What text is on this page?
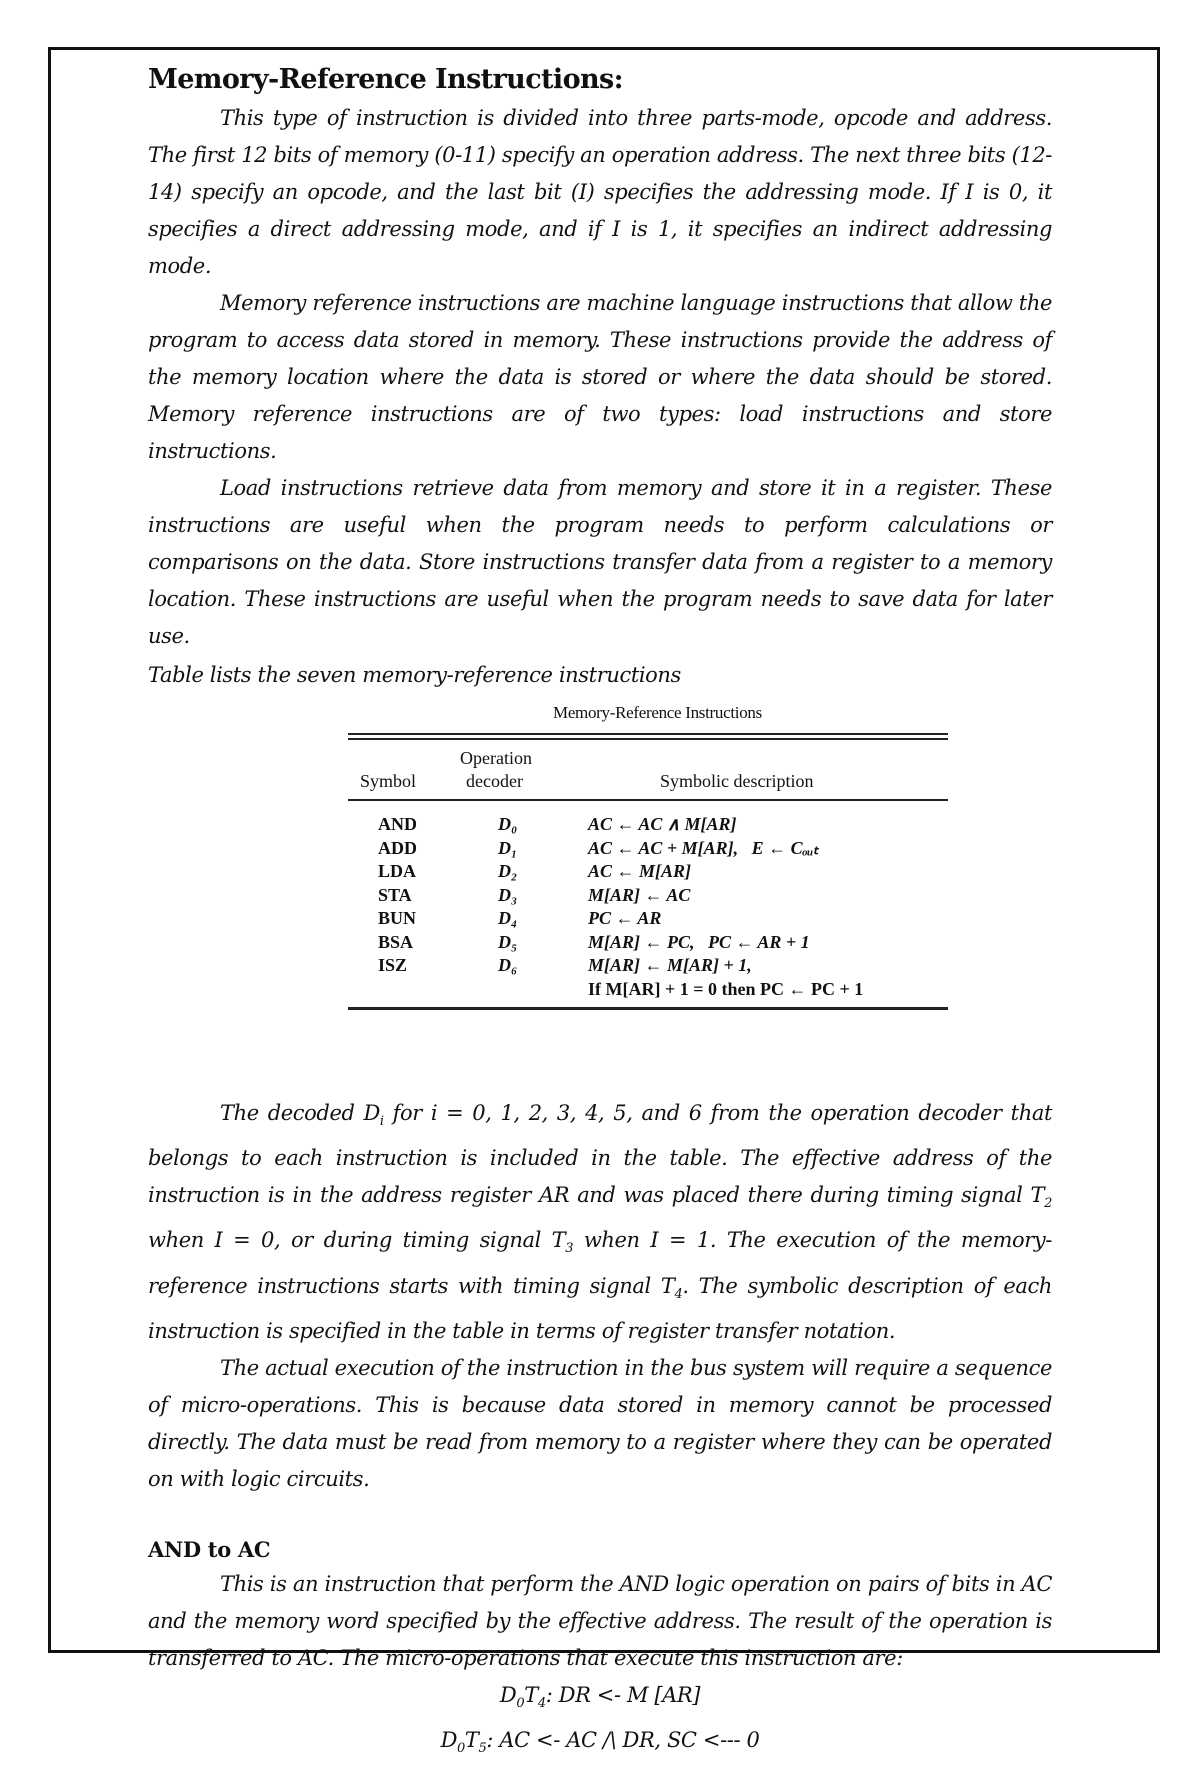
Memory-Reference Instructions:

This type of instruction is divided into three parts-mode, opcode and address. The first 12 bits of memory (0-11) specify an operation address. The next three bits (12-14) specify an opcode, and the last bit (I) specifies the addressing mode. If I is 0, it specifies a direct addressing mode, and if I is 1, it specifies an indirect addressing mode.

Memory reference instructions are machine language instructions that allow the program to access data stored in memory. These instructions provide the address of the memory location where the data is stored or where the data should be stored. Memory reference instructions are of two types: load instructions and store instructions.

Load instructions retrieve data from memory and store it in a register. These instructions are useful when the program needs to perform calculations or comparisons on the data. Store instructions transfer data from a register to a memory location. These instructions are useful when the program needs to save data for later use.

Table lists the seven memory-reference instructions

Memory-Reference Instructions
Operation
Symbol	decoder	Symbolic description
AND	D₀	AC ← AC ∧ M[AR]
ADD	D₁	AC ← AC + M[AR],   E ← Cₒᵤₜ
LDA	D₂	AC ← M[AR]
STA	D₃	M[AR] ← AC
BUN	D₄	PC ← AR
BSA	D₅	M[AR] ← PC,   PC ← AR + 1
ISZ	D₆	M[AR] ← M[AR] + 1,
If M[AR] + 1 = 0 then PC ← PC + 1

The decoded $D_i$ for i = 0, 1, 2, 3, 4, 5, and 6 from the operation decoder that belongs to each instruction is included in the table. The effective address of the instruction is in the address register AR and was placed there during timing signal $T_2$ when I = 0, or during timing signal $T_3$ when I = 1. The execution of the memory-reference instructions starts with timing signal $T_4$. The symbolic description of each instruction is specified in the table in terms of register transfer notation.

The actual execution of the instruction in the bus system will require a sequence of micro-operations. This is because data stored in memory cannot be processed directly. The data must be read from memory to a register where they can be operated on with logic circuits.

AND to AC

This is an instruction that perform the AND logic operation on pairs of bits in AC and the memory word specified by the effective address. The result of the operation is transferred to AC. The micro-operations that execute this instruction are:

$D_0T_4$: DR <- M [AR]

$D_0T_5$: AC <- AC /\ DR, SC <--- 0
